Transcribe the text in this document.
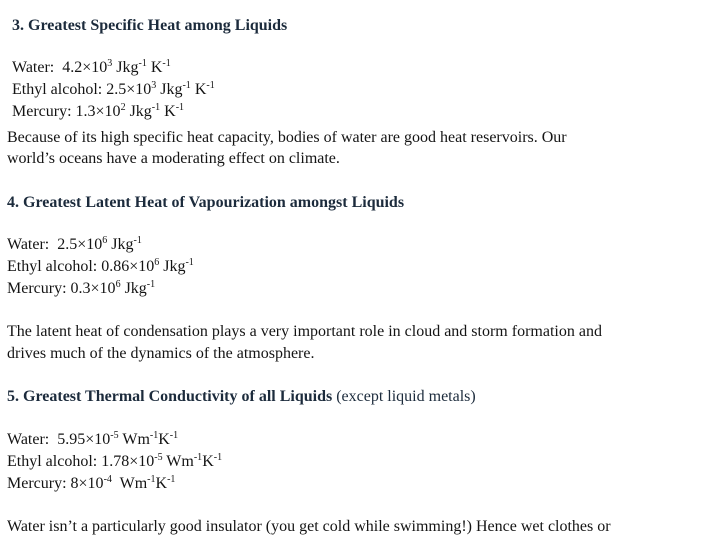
3. Greatest Specific Heat among Liquids

Water: $4.2\times 10^3$ Jkg$^{-1}$ $K^{-1}$

Ethyl alcohol: $2.5\times 10^3$ Jkg$^{-1}$ $K^{-1}$

Mercury: $1.3\times 10^2$ Jkg$^{-1}$ $K^{-1}$

Because of its high specific heat capacity, bodies of water are good heat reservoirs. Our

world’s oceans have a moderating effect on climate.

4. Greatest Latent Heat of Vapourization amongst Liquids

Water: $2.5\times 10^6$ Jkg$^{-1}$

Ethyl alcohol: $0.86\times 10^6$ Jkg$^{-1}$

Mercury: $0.3\times 10^6$ Jkg$^{-1}$

The latent heat of condensation plays a very important role in cloud and storm formation and

drives much of the dynamics of the atmosphere.

5. Greatest Thermal Conductivity of all Liquids (except liquid metals)

Water: $5.95\times 10^{-5}$ $Wm^{-1}K^{-1}$

Ethyl alcohol: $1.78\times 10^{-5}$ $Wm^{-1}K^{-1}$

Mercury: $8\times 10^{-4}$ $Wm^{-1}K^{-1}$

Water isn’t a particularly good insulator (you get cold while swimming!) Hence wet clothes or
